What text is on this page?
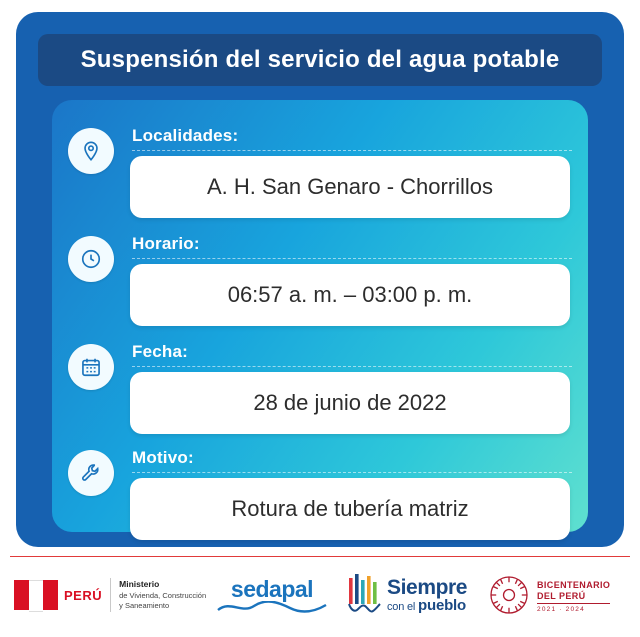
Suspensión del servicio del agua potable
Localidades:
A. H. San Genaro - Chorrillos
Horario:
06:57 a. m. – 03:00 p. m.
Fecha:
28 de junio de 2022
Motivo:
Rotura de tubería matriz
PERÚ
Ministerio
de Vivienda, Construcción
y Saneamiento
sedapal	Siempre
con el pueblo
BICENTENARIO
DEL PERÚ
2021 · 2024
